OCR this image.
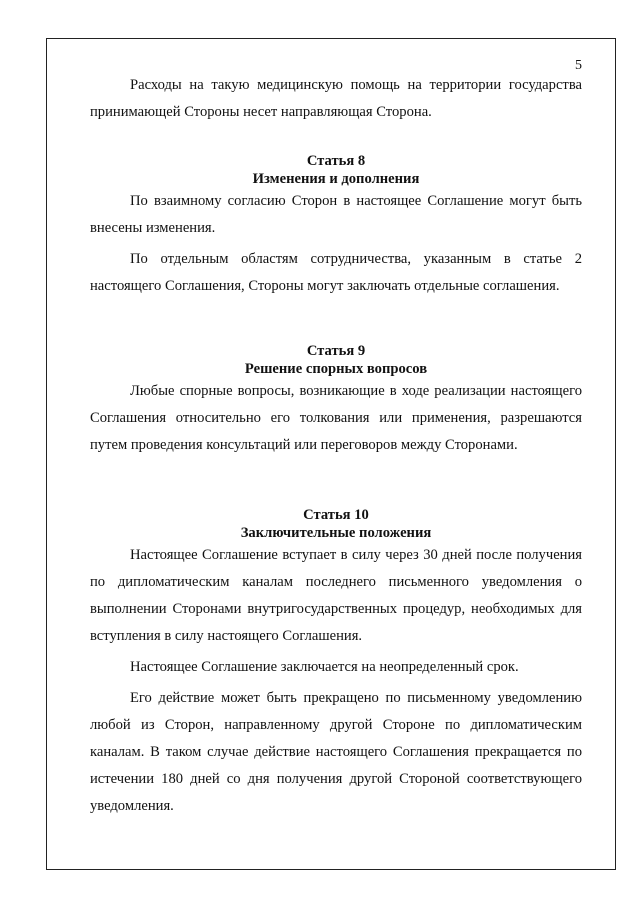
5

Расходы на такую медицинскую помощь на территории государства принимающей Стороны несет направляющая Сторона.

Статья 8
Изменения и дополнения

По взаимному согласию Сторон в настоящее Соглашение могут быть внесены изменения.

По отдельным областям сотрудничества, указанным в статье 2 настоящего Соглашения, Стороны могут заключать отдельные соглашения.

Статья 9
Решение спорных вопросов

Любые спорные вопросы, возникающие в ходе реализации настоящего Соглашения относительно его толкования или применения, разрешаются путем проведения консультаций или переговоров между Сторонами.

Статья 10
Заключительные положения

Настоящее Соглашение вступает в силу через 30 дней после получения по дипломатическим каналам последнего письменного уведомления о выполнении Сторонами внутригосударственных процедур, необходимых для вступления в силу настоящего Соглашения.

Настоящее Соглашение заключается на неопределенный срок.

Его действие может быть прекращено по письменному уведомлению любой из Сторон, направленному другой Стороне по дипломатическим каналам. В таком случае действие настоящего Соглашения прекращается по истечении 180 дней со дня получения другой Стороной соответствующего уведомления.
